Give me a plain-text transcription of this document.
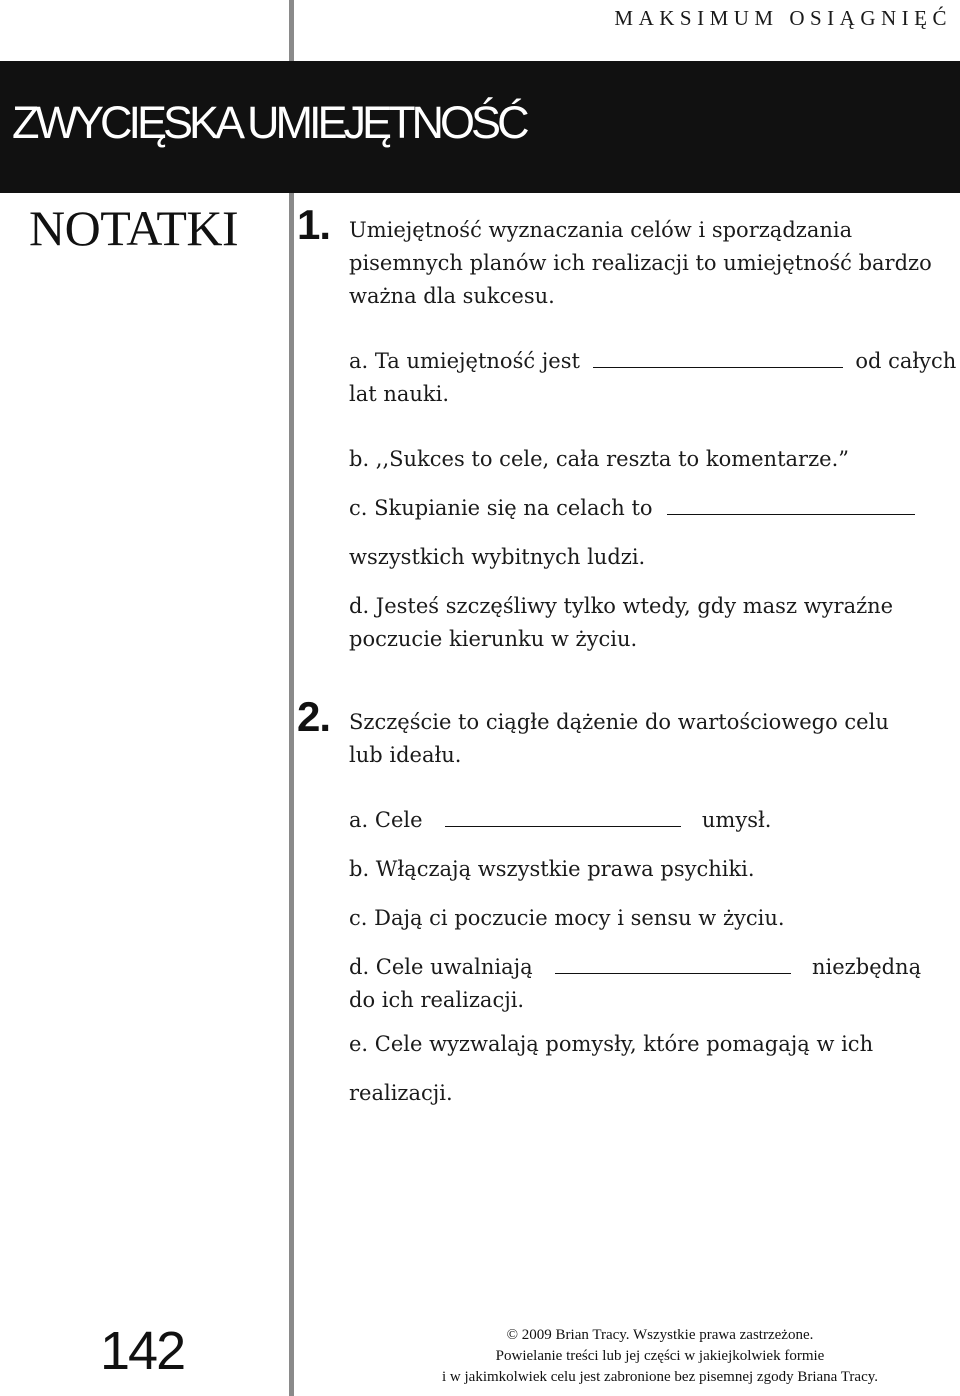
MAKSIMUM OSIĄGNIĘĆ
ZWYCIĘSKA UMIEJĘTNOŚĆ
NOTATKI 1. Umiejętność wyznaczania celów i sporządzania
pisemnych planów ich realizacji to umiejętność bardzo
ważna dla sukcesu.
a. Ta umiejętność jest	od całych
lat nauki.
b. ,,Sukces to cele, cała reszta to komentarze.”
c. Skupianie się na celach to
wszystkich wybitnych ludzi.
d. Jesteś szczęśliwy tylko wtedy, gdy masz wyraźne
poczucie kierunku w życiu.
2. Szczęście to ciągłe dążenie do wartościowego celu
lub ideału.
a. Cele	umysł.
b. Włączają wszystkie prawa psychiki.
c. Dają ci poczucie mocy i sensu w życiu.
d. Cele uwalniają	niezbędną
do ich realizacji.
e. Cele wyzwalają pomysły, które pomagają w ich
realizacji.
142	© 2009 Brian Tracy. Wszystkie prawa zastrzeżone.
Powielanie treści lub jej części w jakiejkolwiek formie
i w jakimkolwiek celu jest zabronione bez pisemnej zgody Briana Tracy.
